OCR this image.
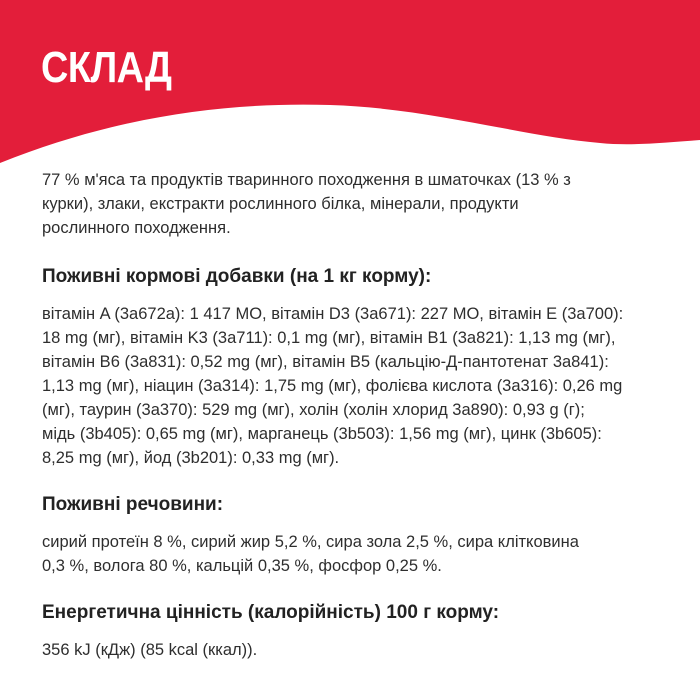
СКЛАД

77 % м'яса та продуктів тваринного походження в шматочках (13 % з
курки), злаки, екстракти рослинного білка, мінерали, продукти
рослинного походження.

Поживні кормові добавки (на 1 кг корму):

вітамін A (3a672a): 1 417 МО, вітамін D3 (3a671): 227 МО, вітамін E (3a700):
18 mg (мг), вітамін K3 (3a711): 0,1 mg (мг), вітамін B1 (3a821): 1,13 mg (мг),
вітамін B6 (3a831): 0,52 mg (мг), вітамін B5 (кальцію-Д-пантотенат 3a841):
1,13 mg (мг), ніацин (3a314): 1,75 mg (мг), фолієва кислота (3a316): 0,26 mg
(мг), таурин (3a370): 529 mg (мг), холін (холін хлорид 3a890): 0,93 g (г);
мідь (3b405): 0,65 mg (мг), марганець (3b503): 1,56 mg (мг), цинк (3b605):
8,25 mg (мг), йод (3b201): 0,33 mg (мг).

Поживні речовини:

сирий протеїн 8 %, сирий жир 5,2 %, сира зола 2,5 %, сира клітковина
0,3 %, волога 80 %, кальцій 0,35 %, фосфор 0,25 %.

Енергетична цінність (калорійність) 100 г корму:

356 kJ (кДж) (85 kcal (ккал)).
